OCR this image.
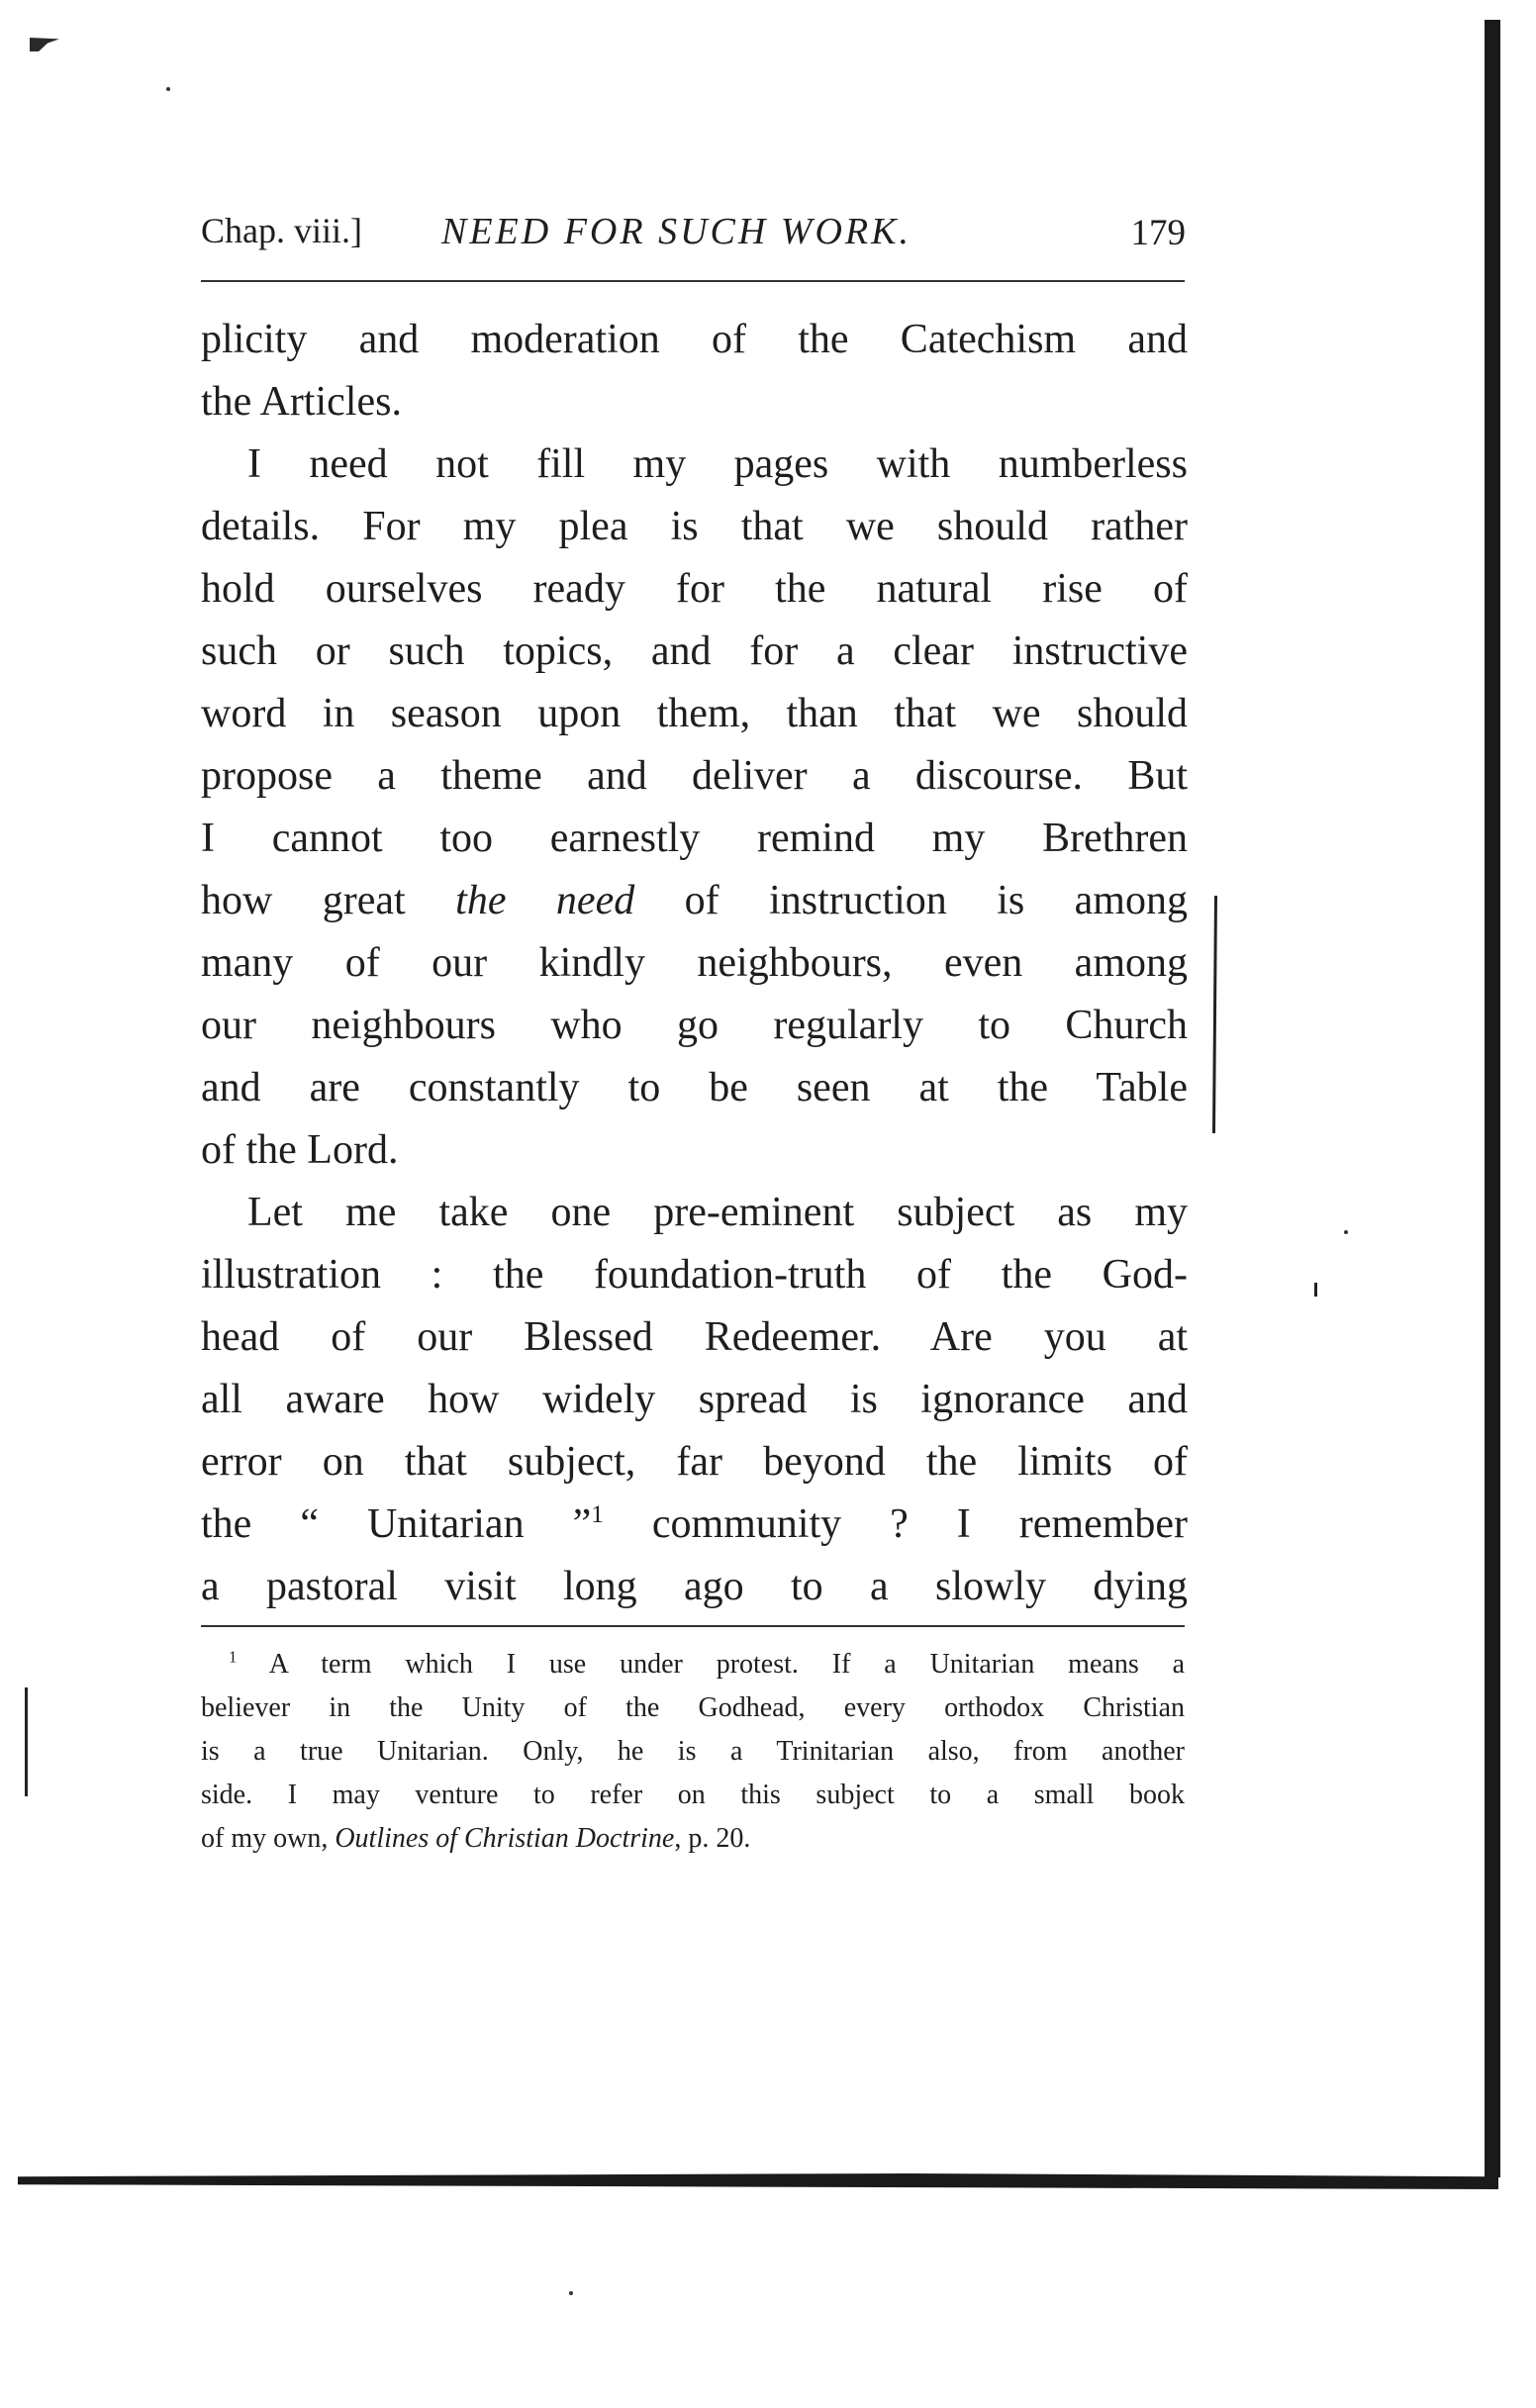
Chap. viii.] NEED FOR SUCH WORK.	179
plicity and moderation of the Catechism and
the Articles.
I need not fill my pages with numberless
details. For my plea is that we should rather
hold ourselves ready for the natural rise of
such or such topics, and for a clear instructive
word in season upon them, than that we should
propose a theme and deliver a discourse. But
I cannot too earnestly remind my Brethren
how great the need of instruction is among
many of our kindly neighbours, even among
our neighbours who go regularly to Church
and are constantly to be seen at the Table
of the Lord.
Let me take one pre-eminent subject as my
illustration : the foundation-truth of the God-
head of our Blessed Redeemer. Are you at
all aware how widely spread is ignorance and
error on that subject, far beyond the limits of
the “ Unitarian ”$^1$ community ? I remember
a pastoral visit long ago to a slowly dying
$^1$ A term which I use under protest. If a Unitarian means a
believer in the Unity of the Godhead, every orthodox Christian
is a true Unitarian. Only, he is a Trinitarian also, from another
side. I may venture to refer on this subject to a small book
of my own, Outlines of Christian Doctrine, p. 20.
